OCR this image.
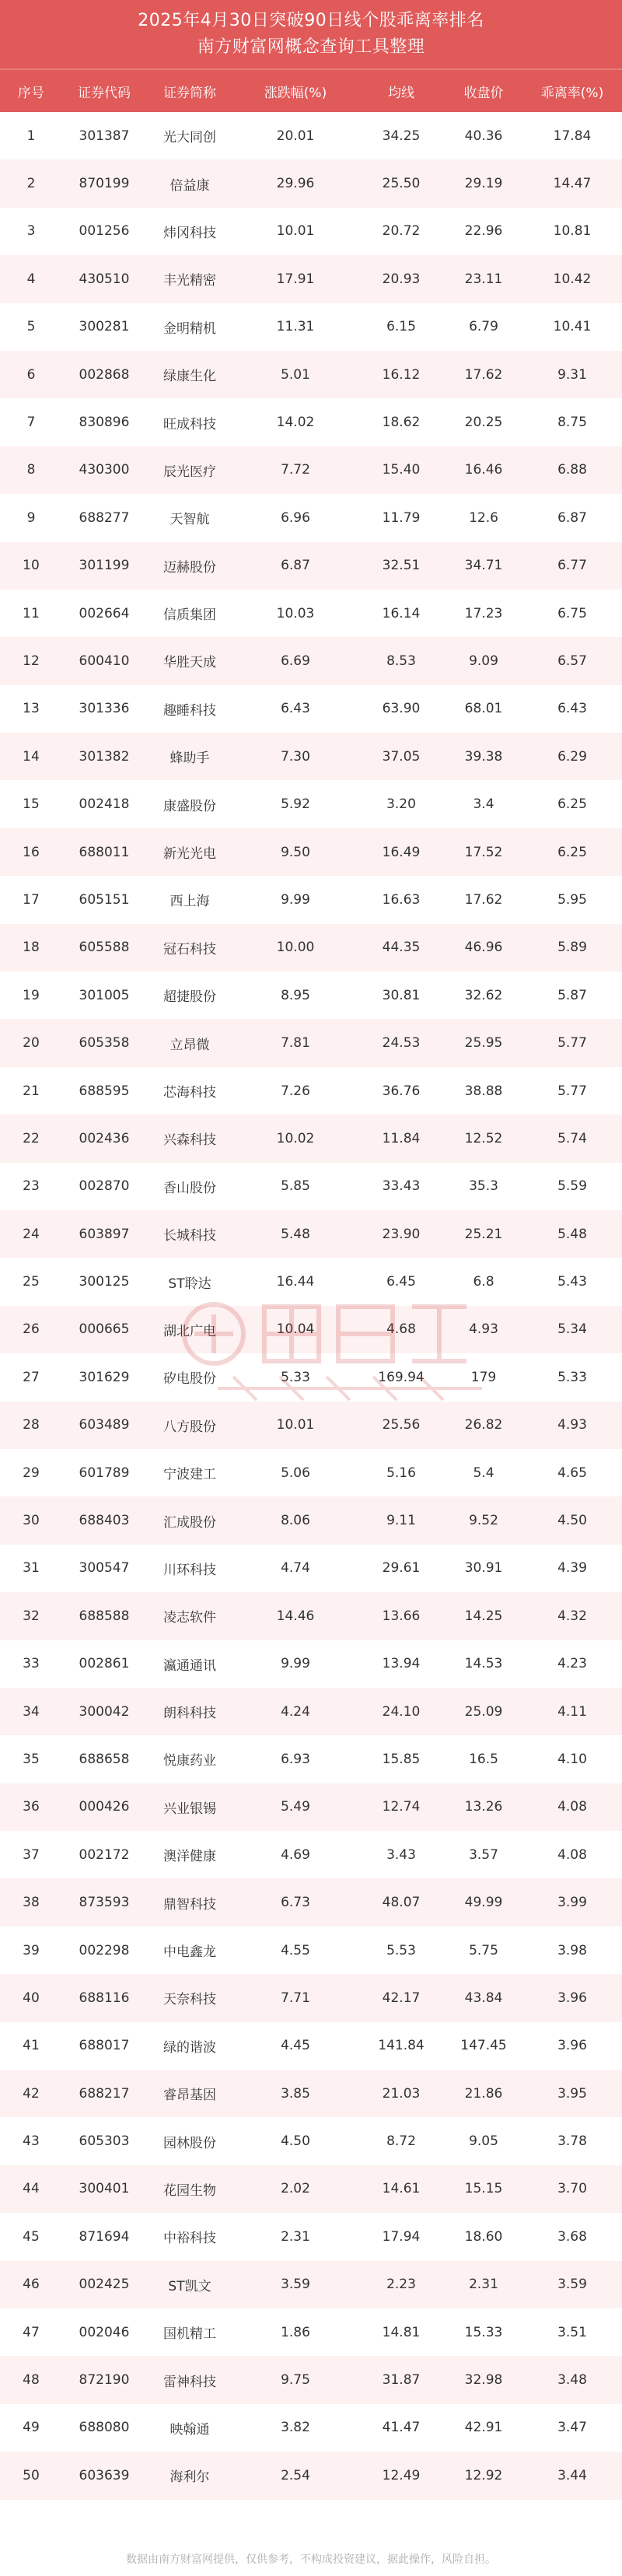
2025年4月30日突破90日线个股乖离率排名
南方财富网概念查询工具整理
序号	证券代码	证券简称	涨跌幅(%)	均线	收盘价	乖离率(%)
1	301387	光大同创	20.01	34.25	40.36	17.84
2	870199	倍益康	29.96	25.50	29.19	14.47
3	001256	炜冈科技	10.01	20.72	22.96	10.81
4	430510	丰光精密	17.91	20.93	23.11	10.42
5	300281	金明精机	11.31	6.15	6.79	10.41
6	002868	绿康生化	5.01	16.12	17.62	9.31
7	830896	旺成科技	14.02	18.62	20.25	8.75
8	430300	辰光医疗	7.72	15.40	16.46	6.88
9	688277	天智航	6.96	11.79	12.6	6.87
10	301199	迈赫股份	6.87	32.51	34.71	6.77
11	002664	信质集团	10.03	16.14	17.23	6.75
12	600410	华胜天成	6.69	8.53	9.09	6.57
13	301336	趣睡科技	6.43	63.90	68.01	6.43
14	301382	蜂助手	7.30	37.05	39.38	6.29
15	002418	康盛股份	5.92	3.20	3.4	6.25
16	688011	新光光电	9.50	16.49	17.52	6.25
17	605151	西上海	9.99	16.63	17.62	5.95
18	605588	冠石科技	10.00	44.35	46.96	5.89
19	301005	超捷股份	8.95	30.81	32.62	5.87
20	605358	立昂微	7.81	24.53	25.95	5.77
21	688595	芯海科技	7.26	36.76	38.88	5.77
22	002436	兴森科技	10.02	11.84	12.52	5.74
23	002870	香山股份	5.85	33.43	35.3	5.59
24	603897	长城科技	5.48	23.90	25.21	5.48
25	300125	ST聆达	16.44	6.45	6.8	5.43
26	000665	湖北广电	10.04	4.68	4.93	5.34
27	301629	矽电股份	5.33	169.94	179	5.33
28	603489	八方股份	10.01	25.56	26.82	4.93
29	601789	宁波建工	5.06	5.16	5.4	4.65
30	688403	汇成股份	8.06	9.11	9.52	4.50
31	300547	川环科技	4.74	29.61	30.91	4.39
32	688588	凌志软件	14.46	13.66	14.25	4.32
33	002861	瀛通通讯	9.99	13.94	14.53	4.23
34	300042	朗科科技	4.24	24.10	25.09	4.11
35	688658	悦康药业	6.93	15.85	16.5	4.10
36	000426	兴业银锡	5.49	12.74	13.26	4.08
37	002172	澳洋健康	4.69	3.43	3.57	4.08
38	873593	鼎智科技	6.73	48.07	49.99	3.99
39	002298	中电鑫龙	4.55	5.53	5.75	3.98
40	688116	天奈科技	7.71	42.17	43.84	3.96
41	688017	绿的谐波	4.45	141.84	147.45	3.96
42	688217	睿昂基因	3.85	21.03	21.86	3.95
43	605303	园林股份	4.50	8.72	9.05	3.78
44	300401	花园生物	2.02	14.61	15.15	3.70
45	871694	中裕科技	2.31	17.94	18.60	3.68
46	002425	ST凯文	3.59	2.23	2.31	3.59
47	002046	国机精工	1.86	14.81	15.33	3.51
48	872190	雷神科技	9.75	31.87	32.98	3.48
49	688080	映翰通	3.82	41.47	42.91	3.47
50	603639	海利尔	2.54	12.49	12.92	3.44
数据由南方财富网提供，仅供参考，不构成投资建议，据此操作，风险自担。
